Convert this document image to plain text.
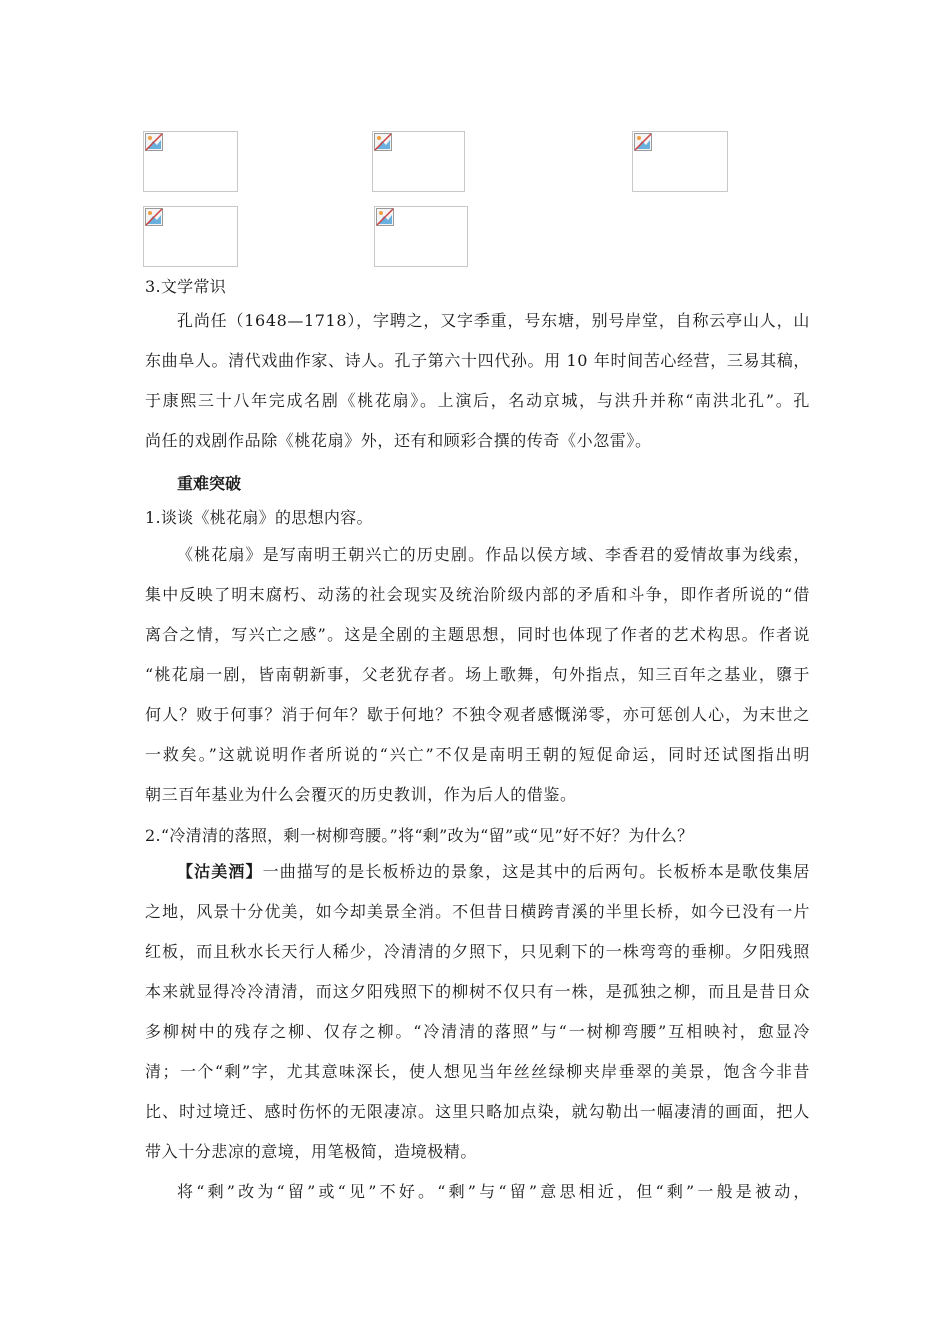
3.文学常识
孔尚任（1648—1718），字聘之，又字季重，号东塘，别号岸堂，自称云亭山人，山
东曲阜人。清代戏曲作家、诗人。孔子第六十四代孙。用 10 年时间苦心经营，三易其稿，
于康熙三十八年完成名剧《桃花扇》。上演后，名动京城，与洪升并称“南洪北孔”。孔
尚任的戏剧作品除《桃花扇》外，还有和顾彩合撰的传奇《小忽雷》。
重难突破
1.谈谈《桃花扇》的思想内容。
《桃花扇》是写南明王朝兴亡的历史剧。作品以侯方域、李香君的爱情故事为线索，
集中反映了明末腐朽、动荡的社会现实及统治阶级内部的矛盾和斗争，即作者所说的“借
离合之情，写兴亡之感”。这是全剧的主题思想，同时也体现了作者的艺术构思。作者说
“桃花扇一剧，皆南朝新事，父老犹存者。场上歌舞，句外指点，知三百年之基业，隳于
何人？败于何事？消于何年？歇于何地？不独令观者感慨涕零，亦可惩创人心，为末世之
一救矣。”这就说明作者所说的“兴亡”不仅是南明王朝的短促命运，同时还试图指出明
朝三百年基业为什么会覆灭的历史教训，作为后人的借鉴。
2.“冷清清的落照，剩一树柳弯腰。”将“剩”改为“留”或“见”好不好？为什么？
【沽美酒】一曲描写的是长板桥边的景象，这是其中的后两句。长板桥本是歌伎集居
之地，风景十分优美，如今却美景全消。不但昔日横跨青溪的半里长桥，如今已没有一片
红板，而且秋水长天行人稀少，冷清清的夕照下，只见剩下的一株弯弯的垂柳。夕阳残照
本来就显得冷冷清清，而这夕阳残照下的柳树不仅只有一株，是孤独之柳，而且是昔日众
多柳树中的残存之柳、仅存之柳。“冷清清的落照”与“一树柳弯腰”互相映衬，愈显冷
清；一个“剩”字，尤其意味深长，使人想见当年丝丝绿柳夹岸垂翠的美景，饱含今非昔
比、时过境迁、感时伤怀的无限凄凉。这里只略加点染，就勾勒出一幅凄清的画面，把人
带入十分悲凉的意境，用笔极简，造境极精。
将“剩”改为“留”或“见”不好。“剩”与“留”意思相近，但“剩”一般是被动，
